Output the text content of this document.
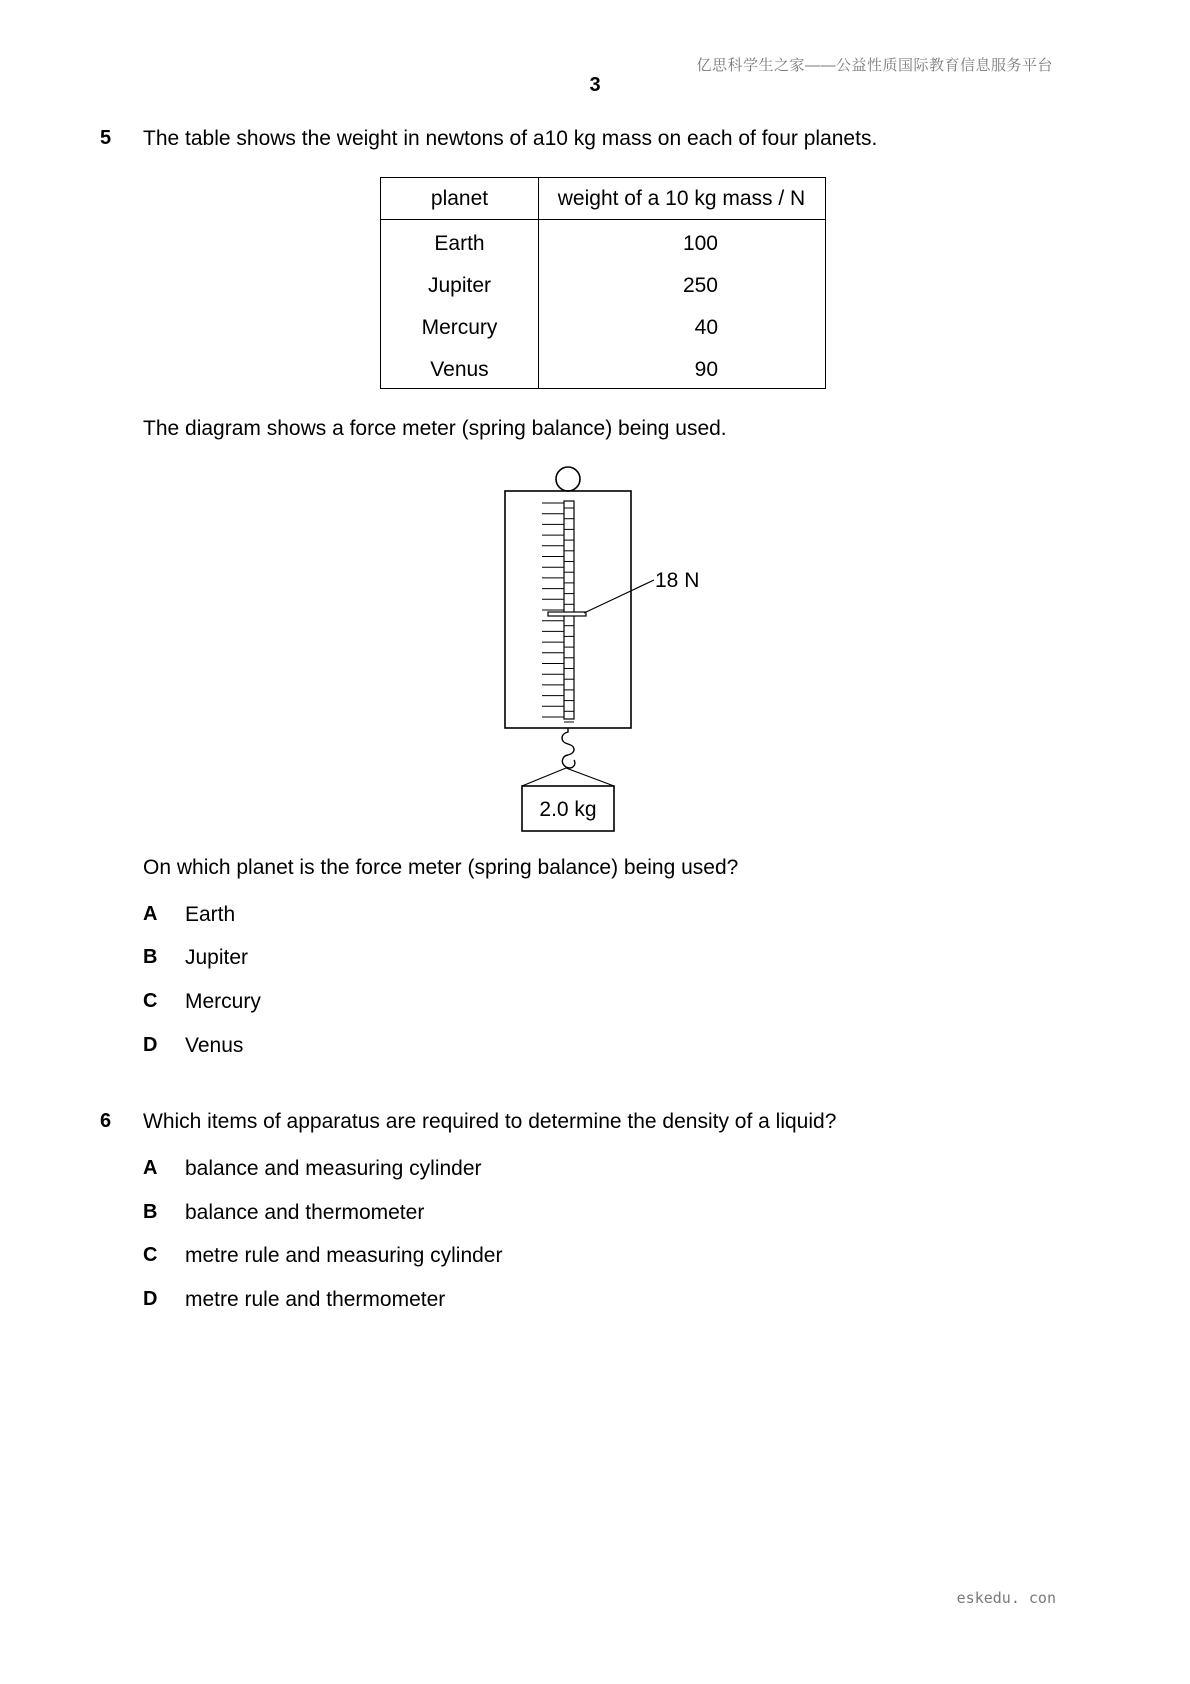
亿思科学生之家——公益性质国际教育信息服务平台
3
5 The table shows the weight in newtons of a10 kg mass on each of four planets.
planet	weight of a 10 kg mass / N
Earth	100
Jupiter	250
Mercury	40
Venus	90
The diagram shows a force meter (spring balance) being used.
18 N
2.0 kg
On which planet is the force meter (spring balance) being used?
A Earth
B Jupiter
C Mercury
D Venus
6 Which items of apparatus are required to determine the density of a liquid?
A balance and measuring cylinder
B balance and thermometer
C metre rule and measuring cylinder
D metre rule and thermometer
eskedu. con
